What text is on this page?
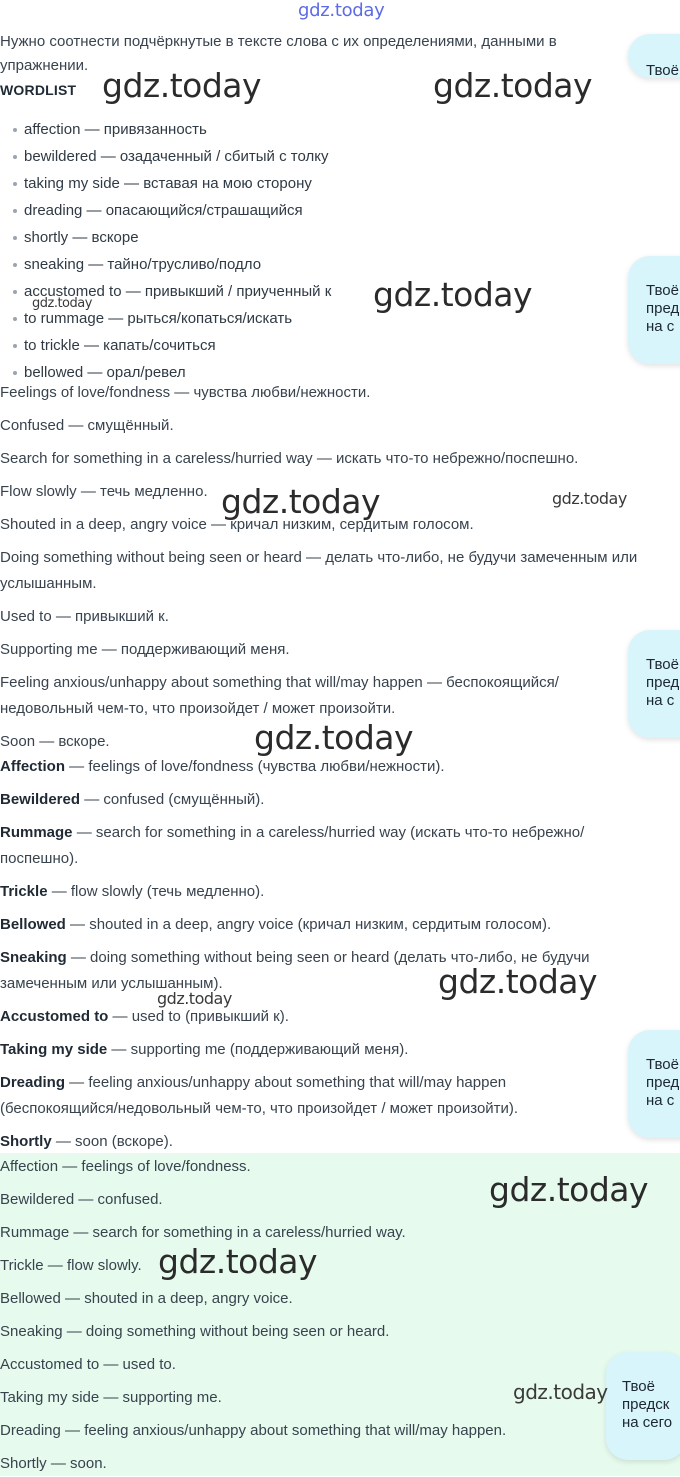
gdz.today

Нужно соотнести подчёркнутые в тексте слова с их определениями, данными в упражнении.

WORDLIST
affection — привязанность
bewildered — озадаченный / сбитый с толку
taking my side — вставая на мою сторону
dreading — опасающийся/страшащийся
shortly — вскоре
sneaking — тайно/трусливо/подло
accustomed to — привыкший / приученный к
to rummage — рыться/копаться/искать
to trickle — капать/сочиться
bellowed — орал/ревел

Feelings of love/fondness — чувства любви/нежности.

Confused — смущённый.

Search for something in a careless/hurried way — искать что-то небрежно/поспешно.

Flow slowly — течь медленно.

Shouted in a deep, angry voice — кричал низким, сердитым голосом.

Doing something without being seen or heard — делать что-либо, не будучи замеченным или услышанным.

Used to — привыкший к.

Supporting me — поддерживающий меня.

Feeling anxious/unhappy about something that will/may happen — беспокоящийся/недовольный чем-то, что произойдет / может произойти.

Soon — вскоре.

Affection — feelings of love/fondness (чувства любви/нежности).

Bewildered — confused (смущённый).

Rummage — search for something in a careless/hurried way (искать что-то небрежно/поспешно).

Trickle — flow slowly (течь медленно).

Bellowed — shouted in a deep, angry voice (кричал низким, сердитым голосом).

Sneaking — doing something without being seen or heard (делать что-либо, не будучи замеченным или услышанным).

Accustomed to — used to (привыкший к).

Taking my side — supporting me (поддерживающий меня).

Dreading — feeling anxious/unhappy about something that will/may happen (беспокоящийся/недовольный чем-то, что произойдет / может произойти).

Shortly — soon (вскоре).

Affection — feelings of love/fondness.

Bewildered — confused.

Rummage — search for something in a careless/hurried way.

Trickle — flow slowly.

Bellowed — shouted in a deep, angry voice.

Sneaking — doing something without being seen or heard.

Accustomed to — used to.

Taking my side — supporting me.

Dreading — feeling anxious/unhappy about something that will/may happen.

Shortly — soon.

Твоё
Твоё
пред
на с
Твоё
пред
на с
Твоё
пред
на с
Твоё
предск
на сего
gdz.today	gdz.today
gdz.today
gdz.today
gdz.today	gdz.today
gdz.today
gdz.today
gdz.today
gdz.today
gdz.today
gdz.today
